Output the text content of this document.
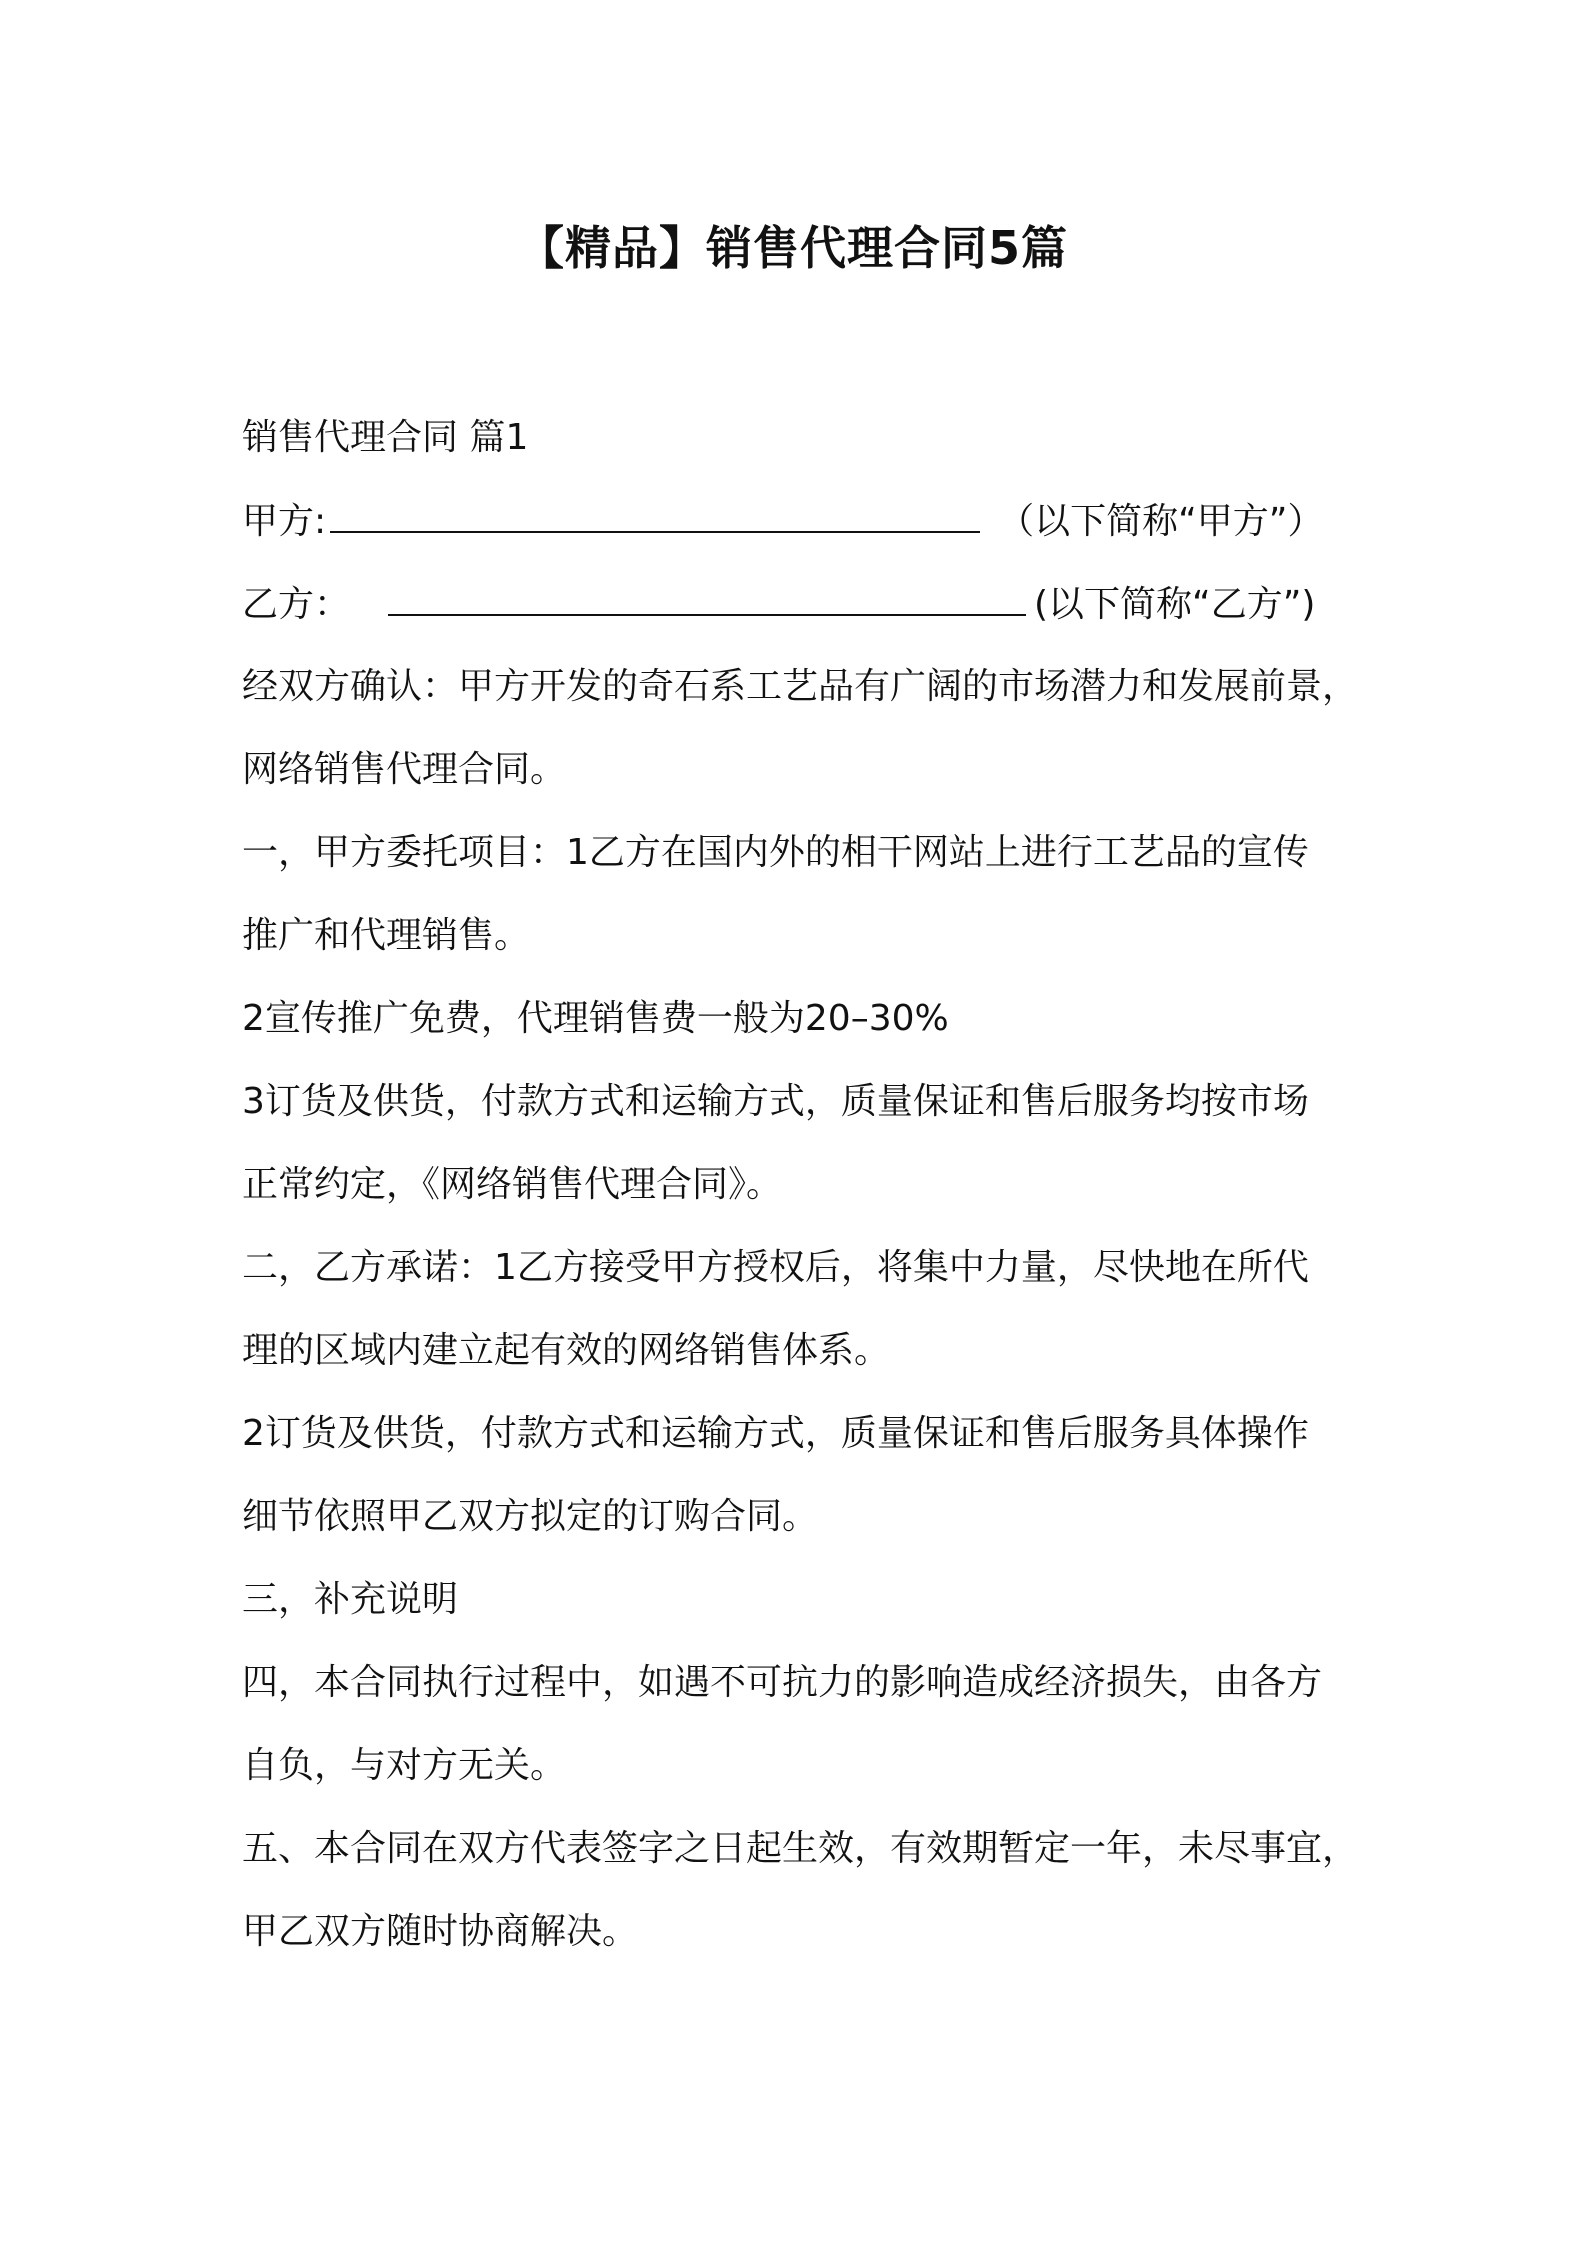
【精品】销售代理合同5篇
销售代理合同 篇1
甲方:	（以下简称“甲方”）
乙方：	(以下简称“乙方”)
经双方确认：甲方开发的奇石系工艺品有广阔的市场潜力和发展前景，
网络销售代理合同。
一，甲方委托项目：1乙方在国内外的相干网站上进行工艺品的宣传
推广和代理销售。
2宣传推广免费，代理销售费一般为20–30%
3订货及供货，付款方式和运输方式，质量保证和售后服务均按市场
正常约定，《网络销售代理合同》。
二，乙方承诺：1乙方接受甲方授权后，将集中力量，尽快地在所代
理的区域内建立起有效的网络销售体系。
2订货及供货，付款方式和运输方式，质量保证和售后服务具体操作
细节依照甲乙双方拟定的订购合同。
三，补充说明
四，本合同执行过程中，如遇不可抗力的影响造成经济损失，由各方
自负，与对方无关。
五、本合同在双方代表签字之日起生效，有效期暂定一年，未尽事宜，
甲乙双方随时协商解决。
